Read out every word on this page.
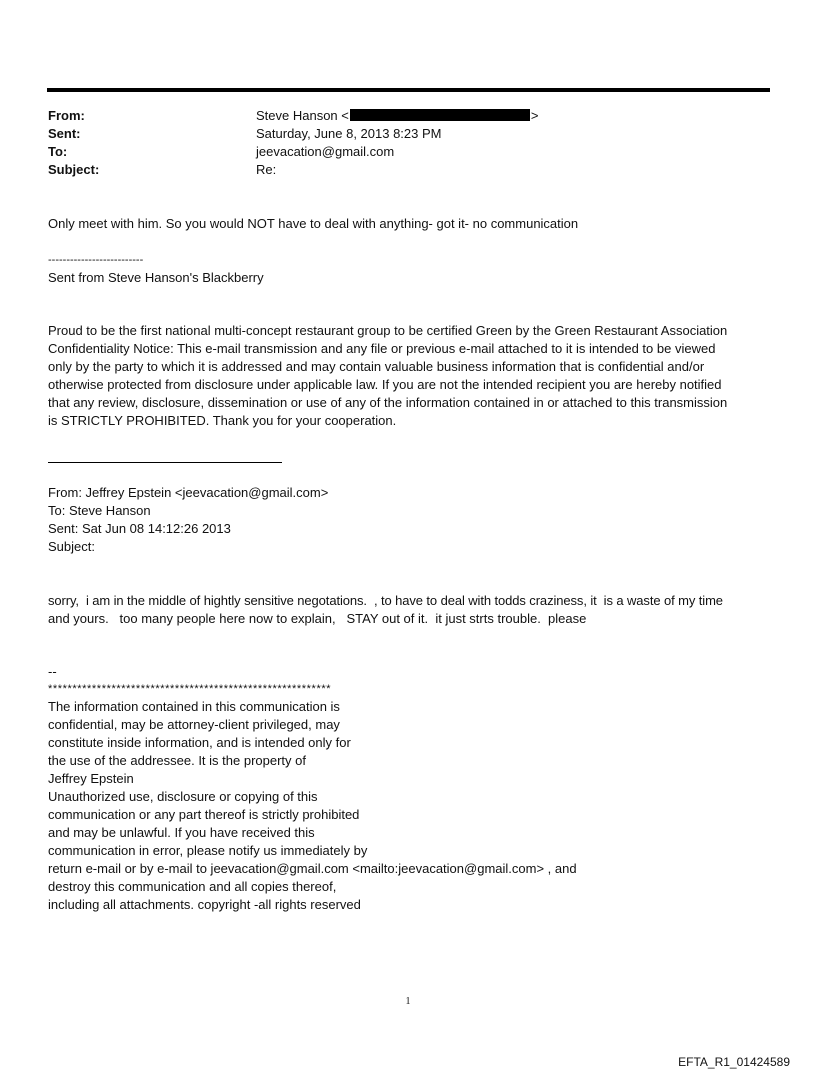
From:	Steve Hanson <	>
Sent:	Saturday, June 8, 2013 8:23 PM
To:	jeevacation@gmail.com
Subject:	Re:
Only meet with him. So you would NOT have to deal with anything- got it- no communication
--------------------------
Sent from Steve Hanson's Blackberry
Proud to be the first national multi-concept restaurant group to be certified Green by the Green Restaurant Association
Confidentiality Notice: This e-mail transmission and any file or previous e-mail attached to it is intended to be viewed
only by the party to which it is addressed and may contain valuable business information that is confidential and/or
otherwise protected from disclosure under applicable law. If you are not the intended recipient you are hereby notified
that any review, disclosure, dissemination or use of any of the information contained in or attached to this transmission
is STRICTLY PROHIBITED. Thank you for your cooperation.
From: Jeffrey Epstein <jeevacation@gmail.com>
To: Steve Hanson
Sent: Sat Jun 08 14:12:26 2013
Subject:
sorry,  i am in the middle of hightly sensitive negotations.  , to have to deal with todds craziness, it  is a waste of my time
and yours.   too many people here now to explain,   STAY out of it.  it just strts trouble.  please
--
**********************************************************
The information contained in this communication is
confidential, may be attorney-client privileged, may
constitute inside information, and is intended only for
the use of the addressee. It is the property of
Jeffrey Epstein
Unauthorized use, disclosure or copying of this
communication or any part thereof is strictly prohibited
and may be unlawful. If you have received this
communication in error, please notify us immediately by
return e-mail or by e-mail to jeevacation@gmail.com <mailto:jeevacation@gmail.com> , and
destroy this communication and all copies thereof,
including all attachments. copyright -all rights reserved
1
EFTA_R1_01424589
